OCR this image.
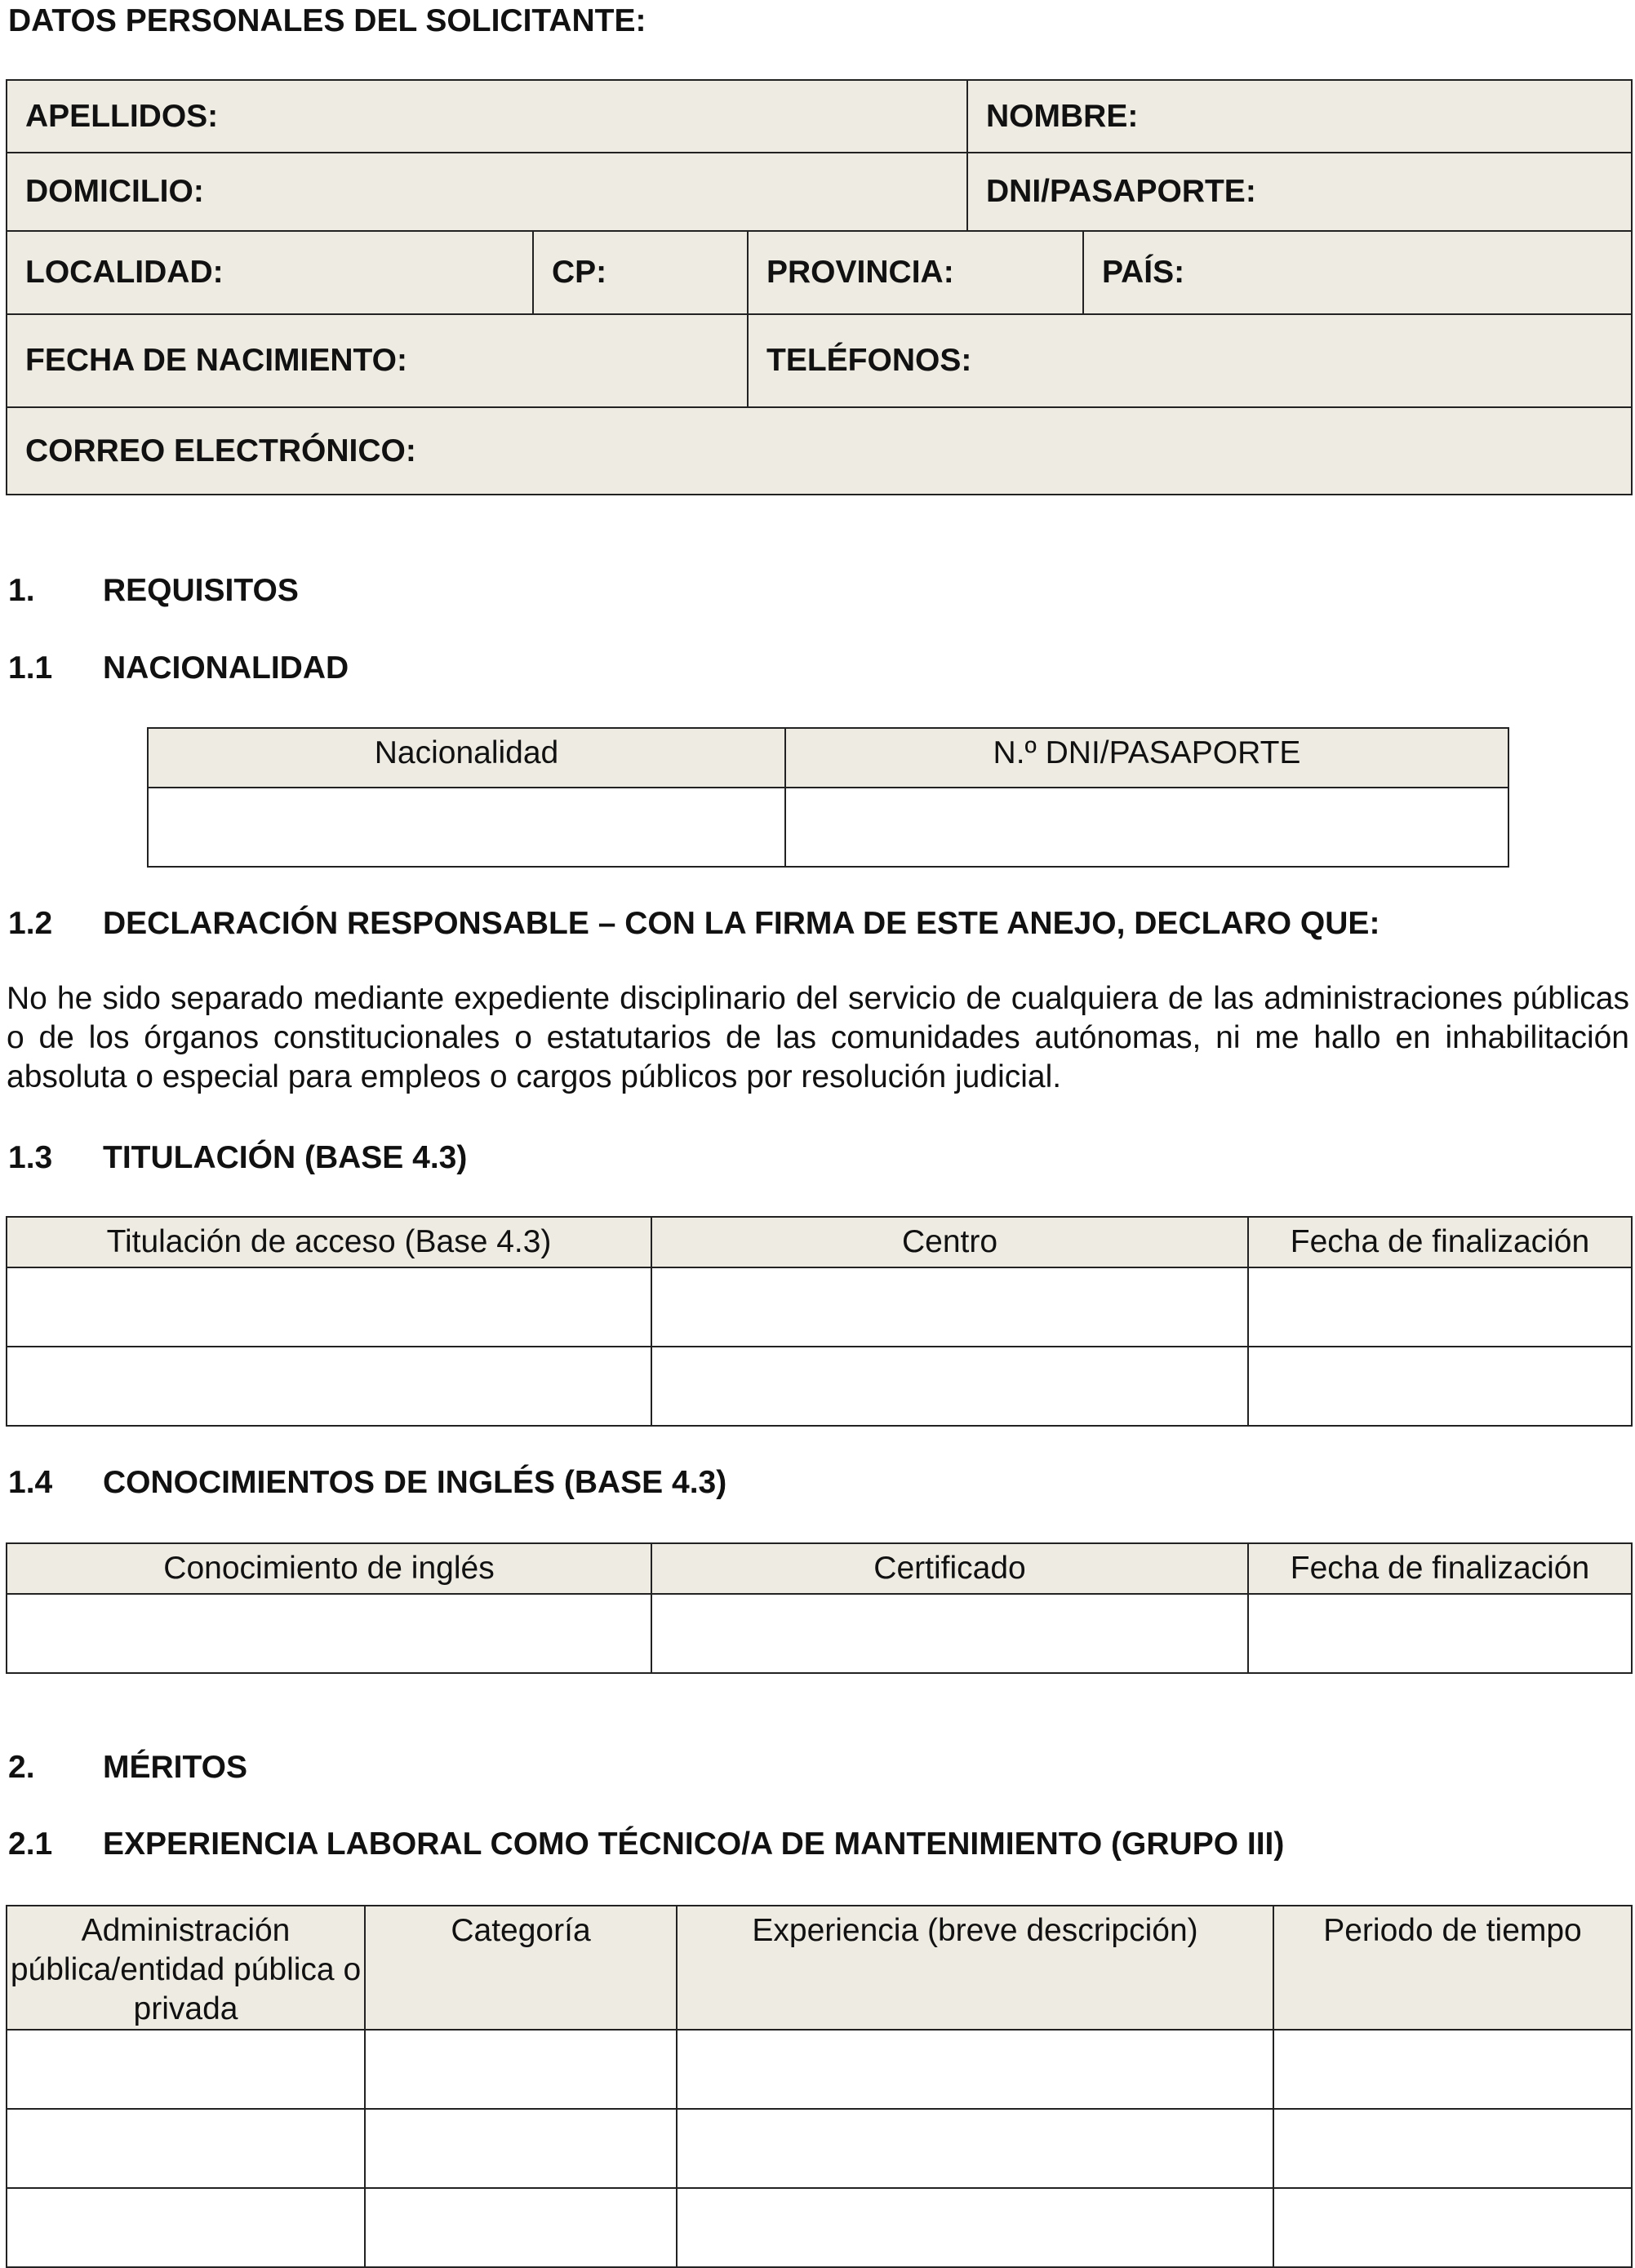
DATOS PERSONALES DEL SOLICITANTE:
APELLIDOS:			NOMBRE:	
DOMICILIO:			DNI/PASAPORTE:	
LOCALIDAD:	CP:	PROVINCIA:		PAÍS:
FECHA DE NACIMIENTO:		TELÉFONOS:		
CORREO ELECTRÓNICO:				
1. REQUISITOS
1.1 NACIONALIDAD
Nacionalidad	N.º DNI/PASAPORTE

1.2 DECLARACIÓN RESPONSABLE – CON LA FIRMA DE ESTE ANEJO, DECLARO QUE:
No he sido separado mediante expediente disciplinario del servicio de cualquiera de las administraciones públicas o de los órganos constitucionales o estatutarios de las comunidades autónomas, ni me hallo en inhabilitación absoluta o especial para empleos o cargos públicos por resolución judicial.
1.3 TITULACIÓN (BASE 4.3)
Titulación de acceso (Base 4.3)	Centro	Fecha de finalización

1.4 CONOCIMIENTOS DE INGLÉS (BASE 4.3)
Conocimiento de inglés	Certificado	Fecha de finalización

2. MÉRITOS
2.1 EXPERIENCIA LABORAL COMO TÉCNICO/A DE MANTENIMIENTO (GRUPO III)
Administración pública/entidad pública o privada	Categoría	Experiencia (breve descripción)	Periodo de tiempo
